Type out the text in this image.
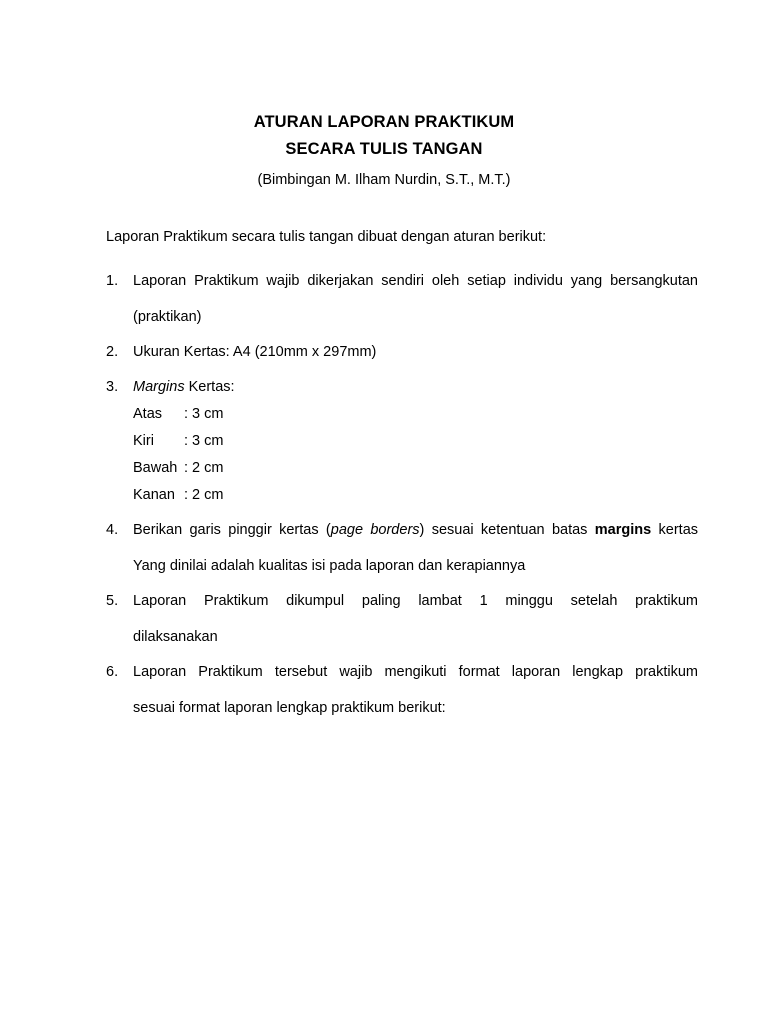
ATURAN LAPORAN PRAKTIKUM
SECARA TULIS TANGAN
(Bimbingan M. Ilham Nurdin, S.T., M.T.)
Laporan Praktikum secara tulis tangan dibuat dengan aturan berikut:
1.	Laporan Praktikum wajib dikerjakan sendiri oleh setiap individu yang bersangkutan
(praktikan)
2.	Ukuran Kertas: A4 (210mm x 297mm)
3.	Margins Kertas:
Atas : 3 cm
Kiri : 3 cm
Bawah : 2 cm
Kanan : 2 cm
4.	Berikan garis pinggir kertas (page borders) sesuai ketentuan batas margins kertas
Yang dinilai adalah kualitas isi pada laporan dan kerapiannya
5.	Laporan Praktikum dikumpul paling lambat 1 minggu setelah praktikum
dilaksanakan
6.	Laporan Praktikum tersebut wajib mengikuti format laporan lengkap praktikum
sesuai format laporan lengkap praktikum berikut:
